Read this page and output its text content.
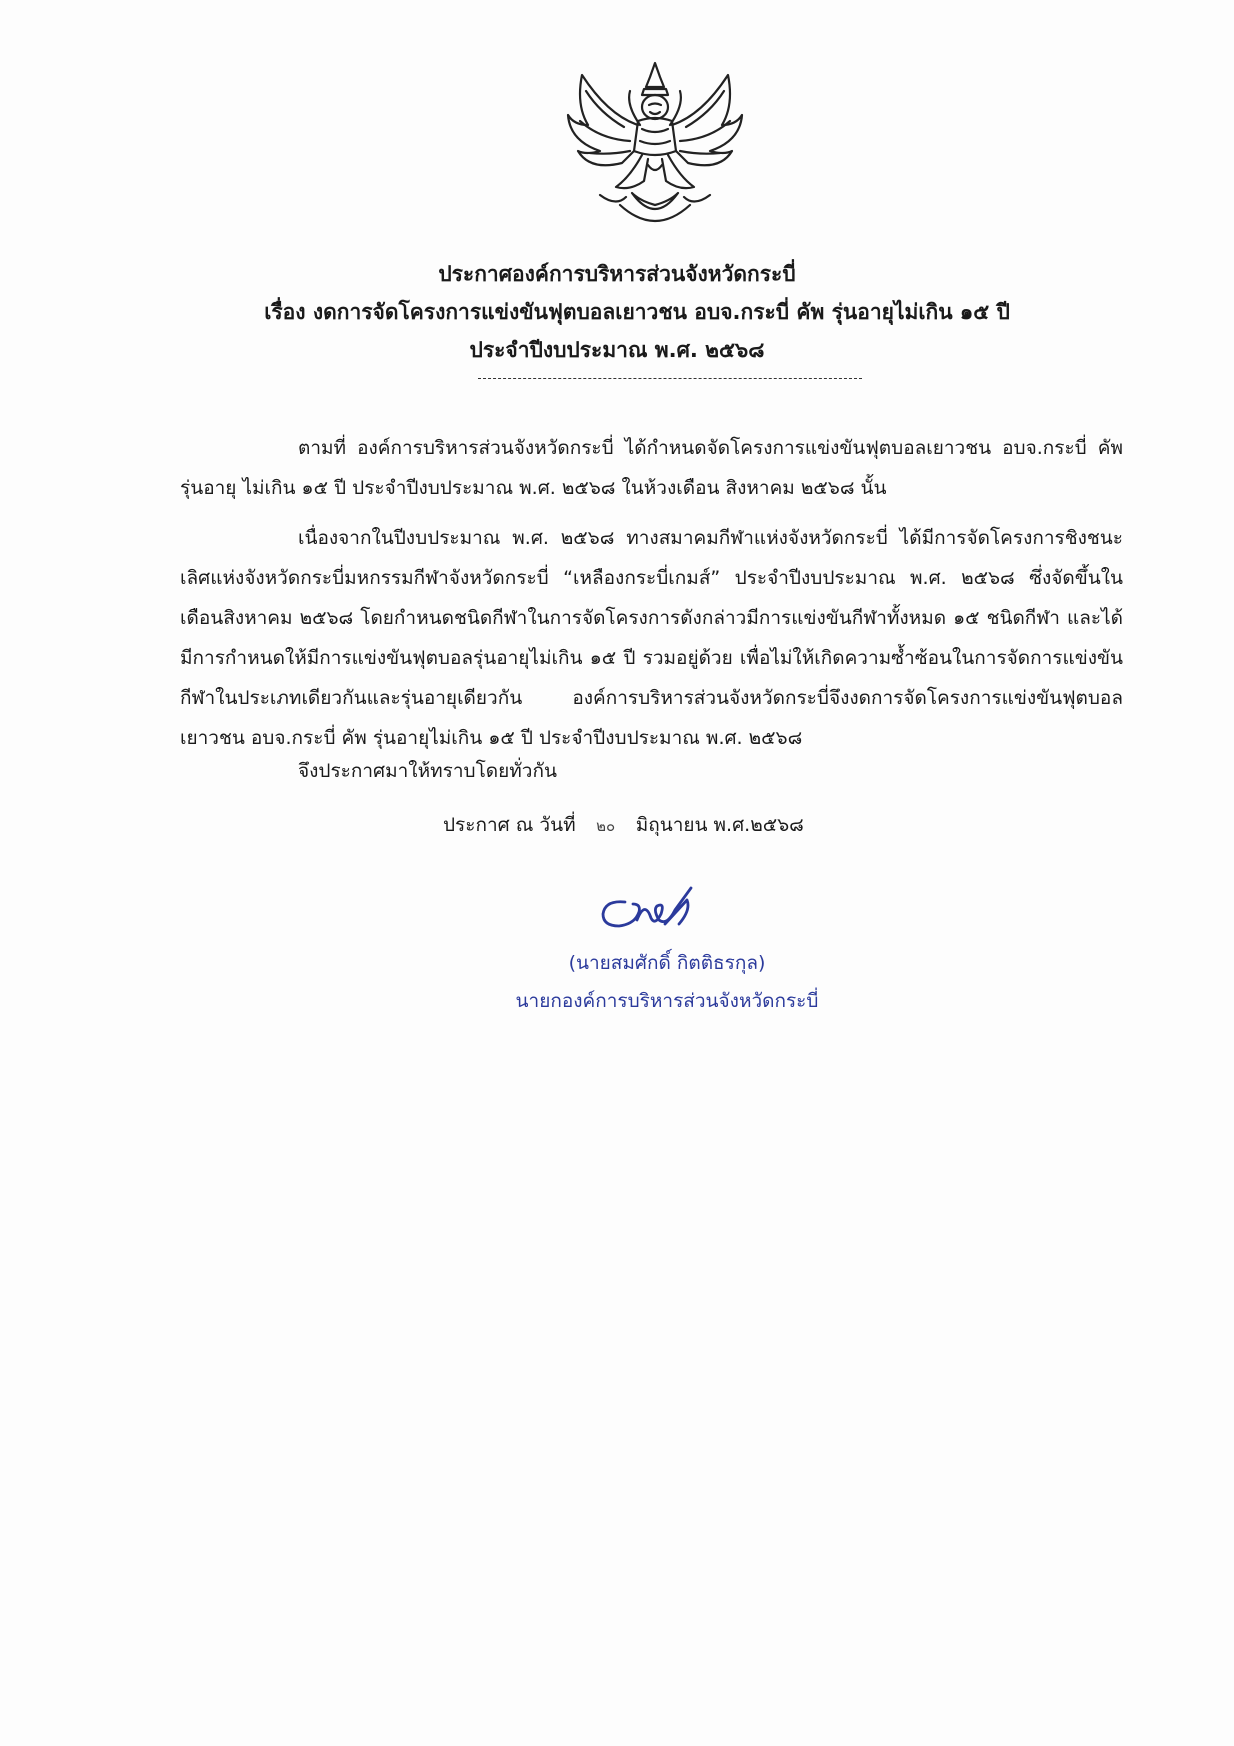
ประกาศองค์การบริหารส่วนจังหวัดกระบี่
เรื่อง งดการจัดโครงการแข่งขันฟุตบอลเยาวชน อบจ.กระบี่ คัพ รุ่นอายุไม่เกิน ๑๕ ปี
ประจำปีงบประมาณ พ.ศ. ๒๕๖๘
ตามที่ องค์การบริหารส่วนจังหวัดกระบี่ ได้กำหนดจัดโครงการแข่งขันฟุตบอลเยาวชน อบจ.กระบี่ คัพ รุ่นอายุ ไม่เกิน ๑๕ ปี ประจำปีงบประมาณ พ.ศ. ๒๕๖๘ ในห้วงเดือน สิงหาคม ๒๕๖๘ นั้น
เนื่องจากในปีงบประมาณ พ.ศ. ๒๕๖๘ ทางสมาคมกีฬาแห่งจังหวัดกระบี่ ได้มีการจัดโครงการชิงชนะเลิศแห่งจังหวัดกระบี่มหกรรมกีฬาจังหวัดกระบี่ “เหลืองกระบี่เกมส์” ประจำปีงบประมาณ พ.ศ. ๒๕๖๘ ซึ่งจัดขึ้นในเดือนสิงหาคม ๒๕๖๘ โดยกำหนดชนิดกีฬาในการจัดโครงการดังกล่าวมีการแข่งขันกีฬาทั้งหมด ๑๕ ชนิดกีฬา และได้มีการกำหนดให้มีการแข่งขันฟุตบอลรุ่นอายุไม่เกิน ๑๕ ปี รวมอยู่ด้วย เพื่อไม่ให้เกิดความซ้ำซ้อนในการจัดการแข่งขันกีฬาในประเภทเดียวกันและรุ่นอายุเดียวกัน องค์การบริหารส่วนจังหวัดกระบี่จึงงดการจัดโครงการแข่งขันฟุตบอลเยาวชน อบจ.กระบี่ คัพ รุ่นอายุไม่เกิน ๑๕ ปี ประจำปีงบประมาณ พ.ศ. ๒๕๖๘
จึงประกาศมาให้ทราบโดยทั่วกัน
ประกาศ ณ วันที่ ๒๐ มิถุนายน พ.ศ.๒๕๖๘
(นายสมศักดิ์ กิตติธรกุล)
นายกองค์การบริหารส่วนจังหวัดกระบี่
